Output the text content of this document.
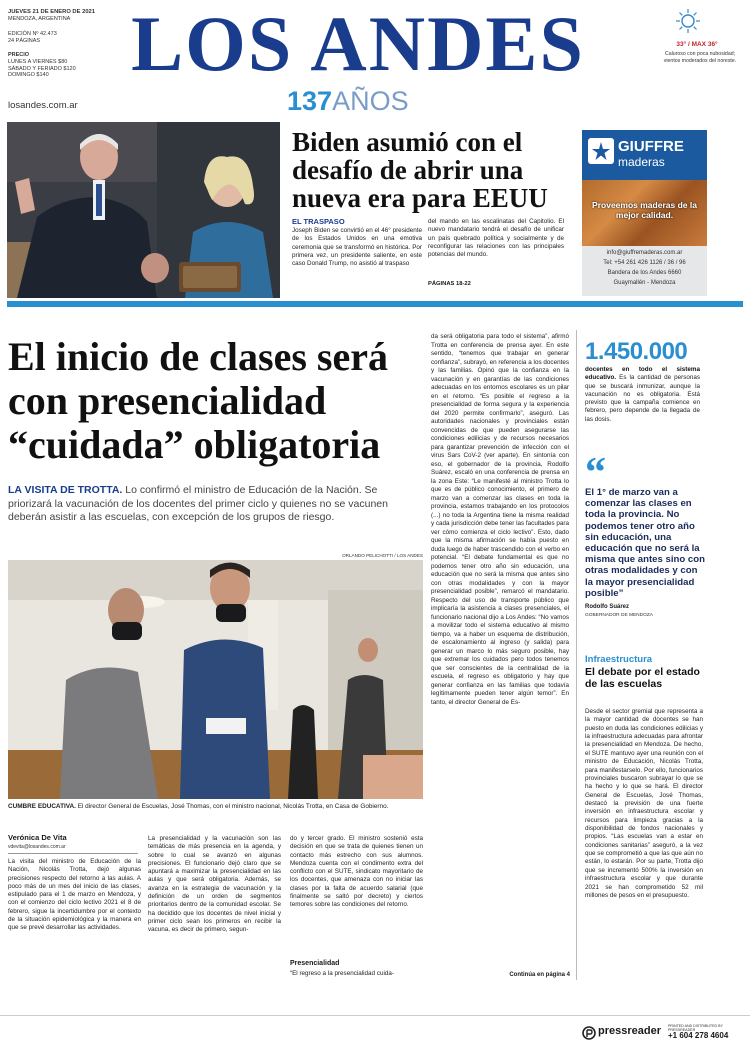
JUEVES 21 DE ENERO DE 2021
MENDOZA, ARGENTINA
EDICIÓN Nº 42.473
24 PÁGINAS
PRECIO
LUNES A VIERNES $80
SÁBADO Y FERIADO $120
DOMINGO $140
losandes.com.ar
LOS ANDES
137AÑOS
33° / MAX 36°
Caluroso con poca nubosidad; vientos moderados del noreste.
Biden asumió con el desafío de abrir una nueva era para EEUU
EL TRASPASO
Joseph Biden se convirtió en el 46° presidente de los Estados Unidos en una emotiva ceremonia que se transformó en histórica. Por primera vez, un presidente saliente, en este caso Donald Trump, no asistió al traspaso
del mando en las escalinatas del Capitolio. El nuevo mandatario tendrá el desafío de unificar un país quebrado política y socialmente y de reconfigurar las relaciones con las principales potencias del mundo.
PÁGINAS 18-22
GIUFFRE
maderas
Proveemos maderas de la mejor calidad.
info@giuffremaderas.com.ar
Tel: +54 261 426 1126 / 36 / 96
Bandera de los Andes 6660
Guaymallén - Mendoza
El inicio de clases será con presencialidad “cuidada” obligatoria
LA VISITA DE TROTTA. Lo confirmó el ministro de Educación de la Nación. Se priorizará la vacunación de los docentes del primer ciclo y quienes no se vacunen deberán asistir a las escuelas, con excepción de los grupos de riesgo.
ORLANDO PELICHOTTI / LOS ANDES
CUMBRE EDUCATIVA. El director General de Escuelas, José Thomas, con el ministro nacional, Nicolás Trotta, en Casa de Gobierno.
Verónica De Vita
vdevita@losandes.com.ar
La visita del ministro de Educación de la Nación, Nicolás Trotta, dejó algunas precisiones respecto del retorno a las aulas. A poco más de un mes del inicio de las clases, estipulado para el 1 de marzo en Mendoza, y con el comienzo del ciclo lectivo 2021 el 8 de febrero, sigue la incertidumbre por el contexto de la situación epidemiológica y la manera en que se prevé desarrollar las actividades.
La presencialidad y la vacunación son las temáticas de más presencia en la agenda, y sobre lo cual se avanzó en algunas precisiones. El funcionario dejó claro que se apuntará a maximizar la presencialidad en las aulas y que será obligatoria. Además, se avanza en la estrategia de vacunación y la definición de un orden de segmentos prioritarios dentro de la comunidad escolar. Se ha decidido que los docentes de nivel inicial y primer ciclo sean los primeros en recibir la vacuna, es decir de primero, segun-
do y tercer grado. El ministro sostenió esta decisión en que se trata de quienes tienen un contacto más estrecho con sus alumnos. Mendoza cuenta con el condimento extra del conflicto con el SUTE, sindicato mayoritario de los docentes, que amenaza con no iniciar las clases por la falta de acuerdo salarial (que finalmente se saltó por decreto) y ciertos temores sobre las condiciones del retorno.
Presencialidad
“El regreso a la presencialidad cuida-
da será obligatoria para todo el sistema”, afirmó Trotta en conferencia de prensa ayer. En este sentido, “tenemos que trabajar en generar confianza”, subrayó, en referencia a los docentes y las familias. Opinó que la confianza en la vacunación y en garantías de las condiciones adecuadas en los entornos escolares es un pilar en el retorno. “Es posible el regreso a la presencialidad de forma segura y la experiencia del 2020 permite confirmarlo”, aseguró. Las autoridades nacionales y provinciales están convencidas de que pueden asegurarse las condiciones edilicias y de recursos necesarios para garantizar prevención de infección con el virus Sars CoV-2 (ver aparte). En sintonía con eso, el gobernador de la provincia, Rodolfo Suárez, escaló en una conferencia de prensa en la zona Este: “Le manifesté al ministro Trotta lo que es de público conocimiento, el primero de marzo van a comenzar las clases en toda la provincia, estamos trabajando en los protocolos (...) no toda la Argentina tiene la misma realidad y cada jurisdicción debe tener las facultades para ver cómo comienza el ciclo lectivo”. Esto, dado que la misma afirmación se había puesto en duda luego de haber trascendido con el verbo en potencial. “El debate fundamental es que no podemos tener otro año sin educación, una educación que no será la misma que antes sino con otras modalidades y con la mayor presencialidad posible”, remarcó el mandatario. Respecto del uso de transporte público que implicaría la asistencia a clases presenciales, el funcionario nacional dijo a Los Andes: “No vamos a movilizar todo el sistema educativo al mismo tiempo, va a haber un esquema de distribución, de escalonamiento al ingreso (y salida) para generar un marco lo más seguro posible, hay que extremar los cuidados pero todos tenemos que ser conscientes de la centralidad de la escuela, el regreso es obligatorio y hay que generar confianza en las familias que todavía legítimamente pueden tener algún temor”. En tanto, el director General de Es-
Continúa en página 4
1.450.000
docentes en todo el sistema educativo. Es la cantidad de personas que se buscará inmunizar, aunque la vacunación no es obligatoria. Está previsto que la campaña comience en febrero, pero depende de la llegada de las dosis.
“
El 1° de marzo van a comenzar las clases en toda la provincia. No podemos tener otro año sin educación, una educación que no será la misma que antes sino con otras modalidades y con la mayor presencialidad posible”
Rodolfo Suárez
GOBERNADOR DE MENDOZA
Infraestructura
El debate por el estado de las escuelas
Desde el sector gremial que representa a la mayor cantidad de docentes se han puesto en duda las condiciones edilicias y la infraestructura adecuadas para afrontar la presencialidad en Mendoza. De hecho, el SUTE mantuvo ayer una reunión con el ministro de Educación, Nicolás Trotta, para manifestarselo. Por ello, funcionarios provinciales buscaron subrayar lo que se ha hecho y lo que se hará. El director General de Escuelas, José Thomas, destacó la previsión de una fuerte inversión en infraestructura escolar y recursos para limpieza gracias a la disponibilidad de fondos nacionales y propios. “Las escuelas van a estar en condiciones sanitarias” aseguró, a la vez que se comprometió a que las que aún no están, lo estarán. Por su parte, Trotta dijo que se incrementó 500% la inversión en infraestructura escolar y que durante 2021 se han comprometido 52 mil millones de pesos en el presupuesto.
pressreader PRINTED AND DISTRIBUTED BY PRESSREADER
+1 604 278 4604
